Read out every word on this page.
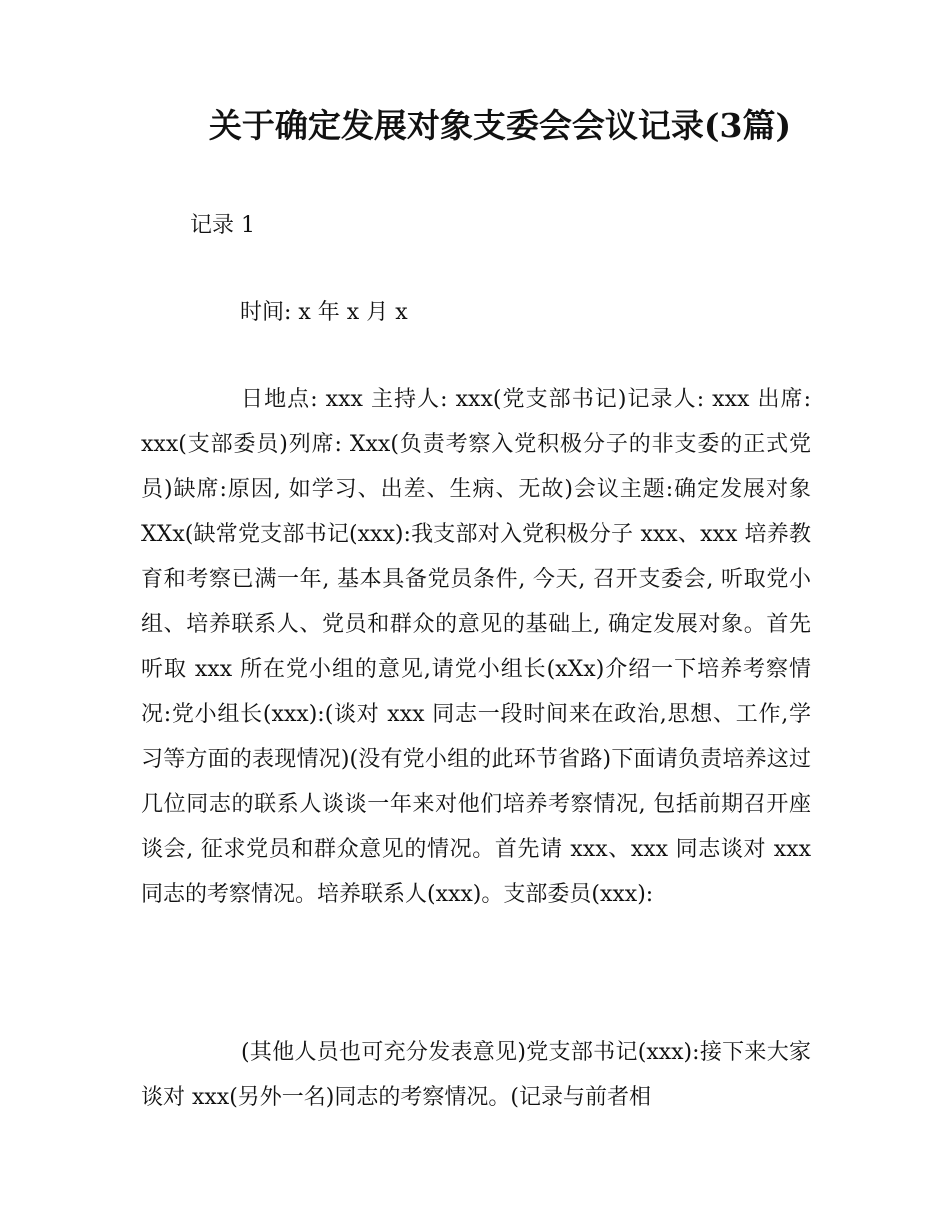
关于确定发展对象支委会会议记录(3篇)
记录 1
时间: x 年 x 月 x

日地点: xxx 主持人: xxx(党支部书记)记录人: xxx 出席: xxx(支部委员)列席: Xxx(负责考察入党积极分子的非支委的正式党员)缺席:原因, 如学习、出差、生病、无故)会议主题:确定发展对象 XXx(缺常党支部书记(xxx):我支部对入党积极分子 xxx、xxx 培养教育和考察已满一年, 基本具备党员条件, 今天, 召开支委会, 听取党小组、培养联系人、党员和群众的意见的基础上, 确定发展对象。首先听取 xxx 所在党小组的意见,请党小组长(xXx)介绍一下培养考察情况:党小组长(xxx):(谈对 xxx 同志一段时间来在政治,思想、工作,学习等方面的表现情况)(没有党小组的此环节省路)下面请负责培养这过几位同志的联系人谈谈一年来对他们培养考察情况, 包括前期召开座谈会, 征求党员和群众意见的情况。首先请 xxx、xxx 同志谈对 xxx 同志的考察情况。培养联系人(xxx)。支部委员(xxx):

(其他人员也可充分发表意见)党支部书记(xxx):接下来大家谈对 xxx(另外一名)同志的考察情况。(记录与前者相
